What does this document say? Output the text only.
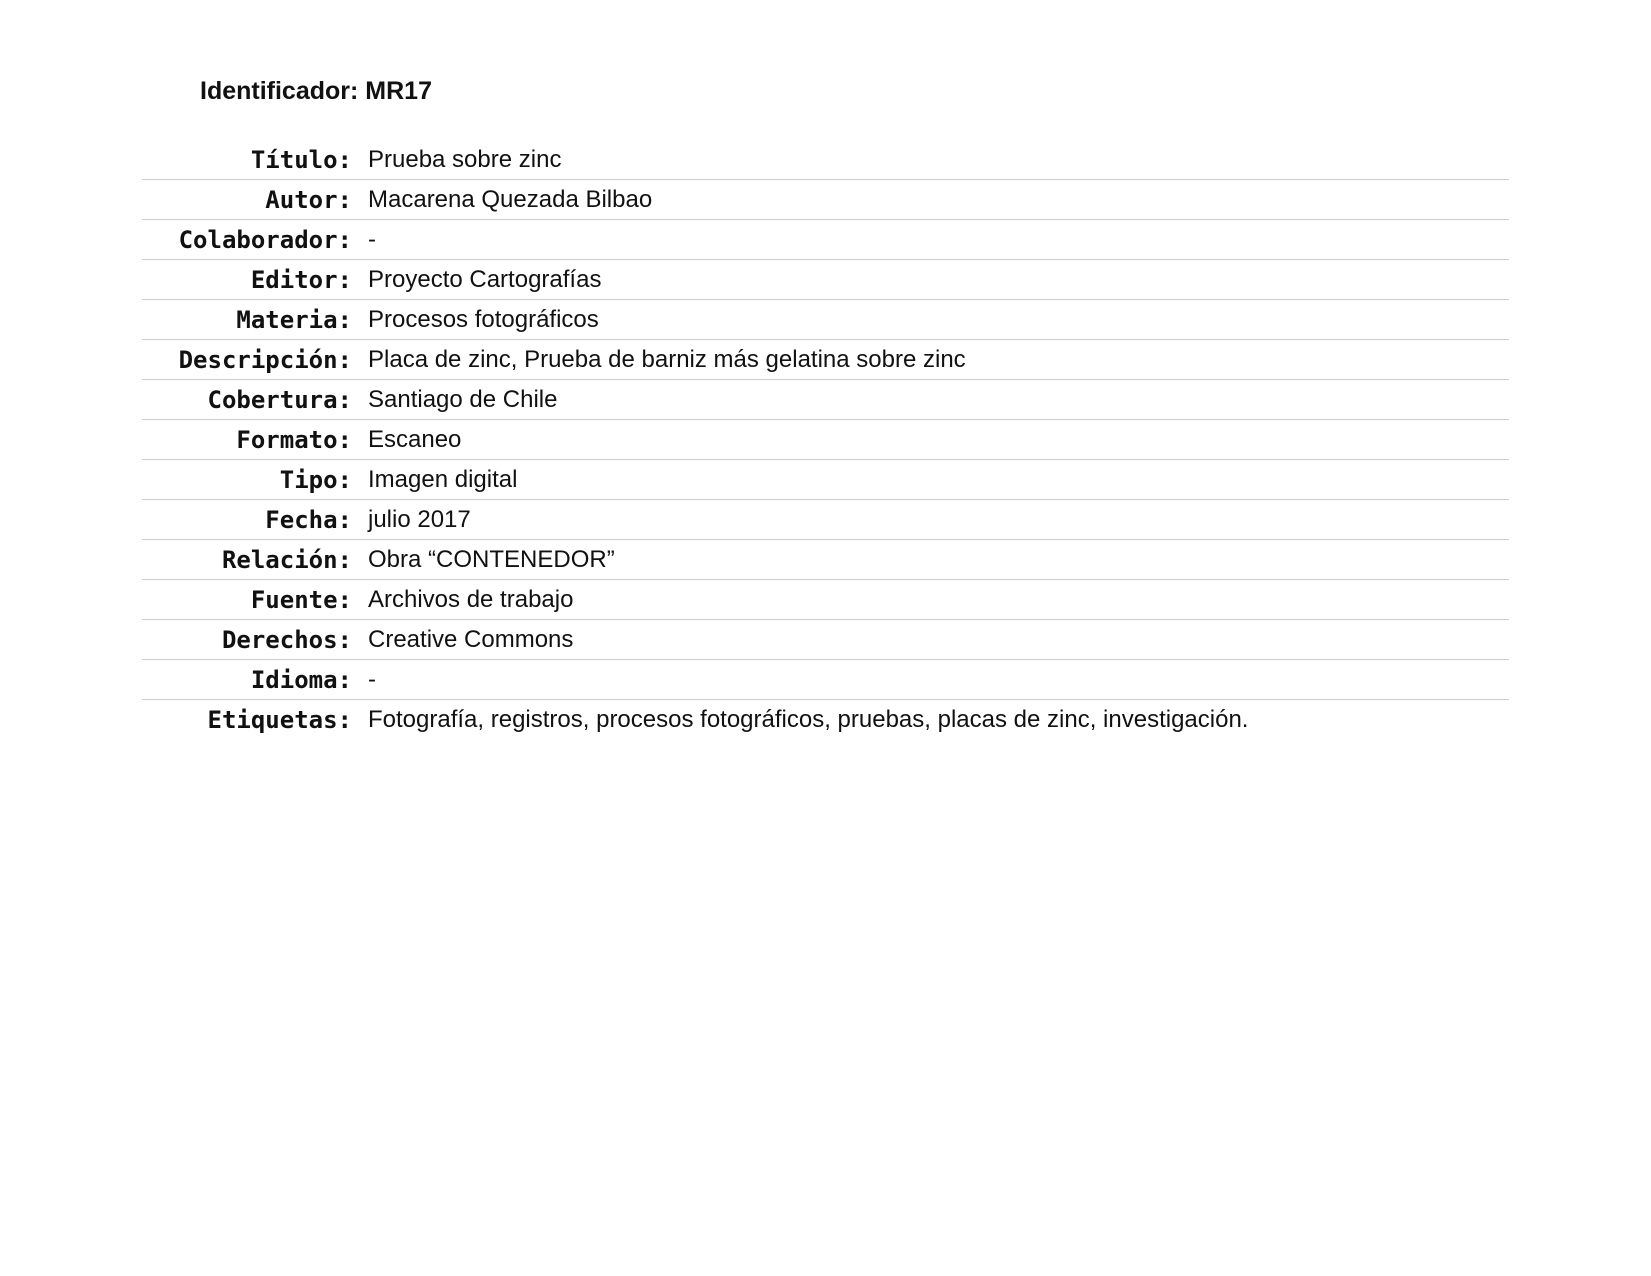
Identificador: MR17
Título: Prueba sobre zinc
Autor: Macarena Quezada Bilbao
Colaborador: -
Editor: Proyecto Cartografías
Materia: Procesos fotográficos
Descripción: Placa de zinc, Prueba de barniz más gelatina sobre zinc
Cobertura: Santiago de Chile
Formato: Escaneo
Tipo: Imagen digital
Fecha: julio 2017
Relación: Obra “CONTENEDOR”
Fuente: Archivos de trabajo
Derechos: Creative Commons
Idioma: -
Etiquetas: Fotografía, registros, procesos fotográficos, pruebas, placas de zinc, investigación.
